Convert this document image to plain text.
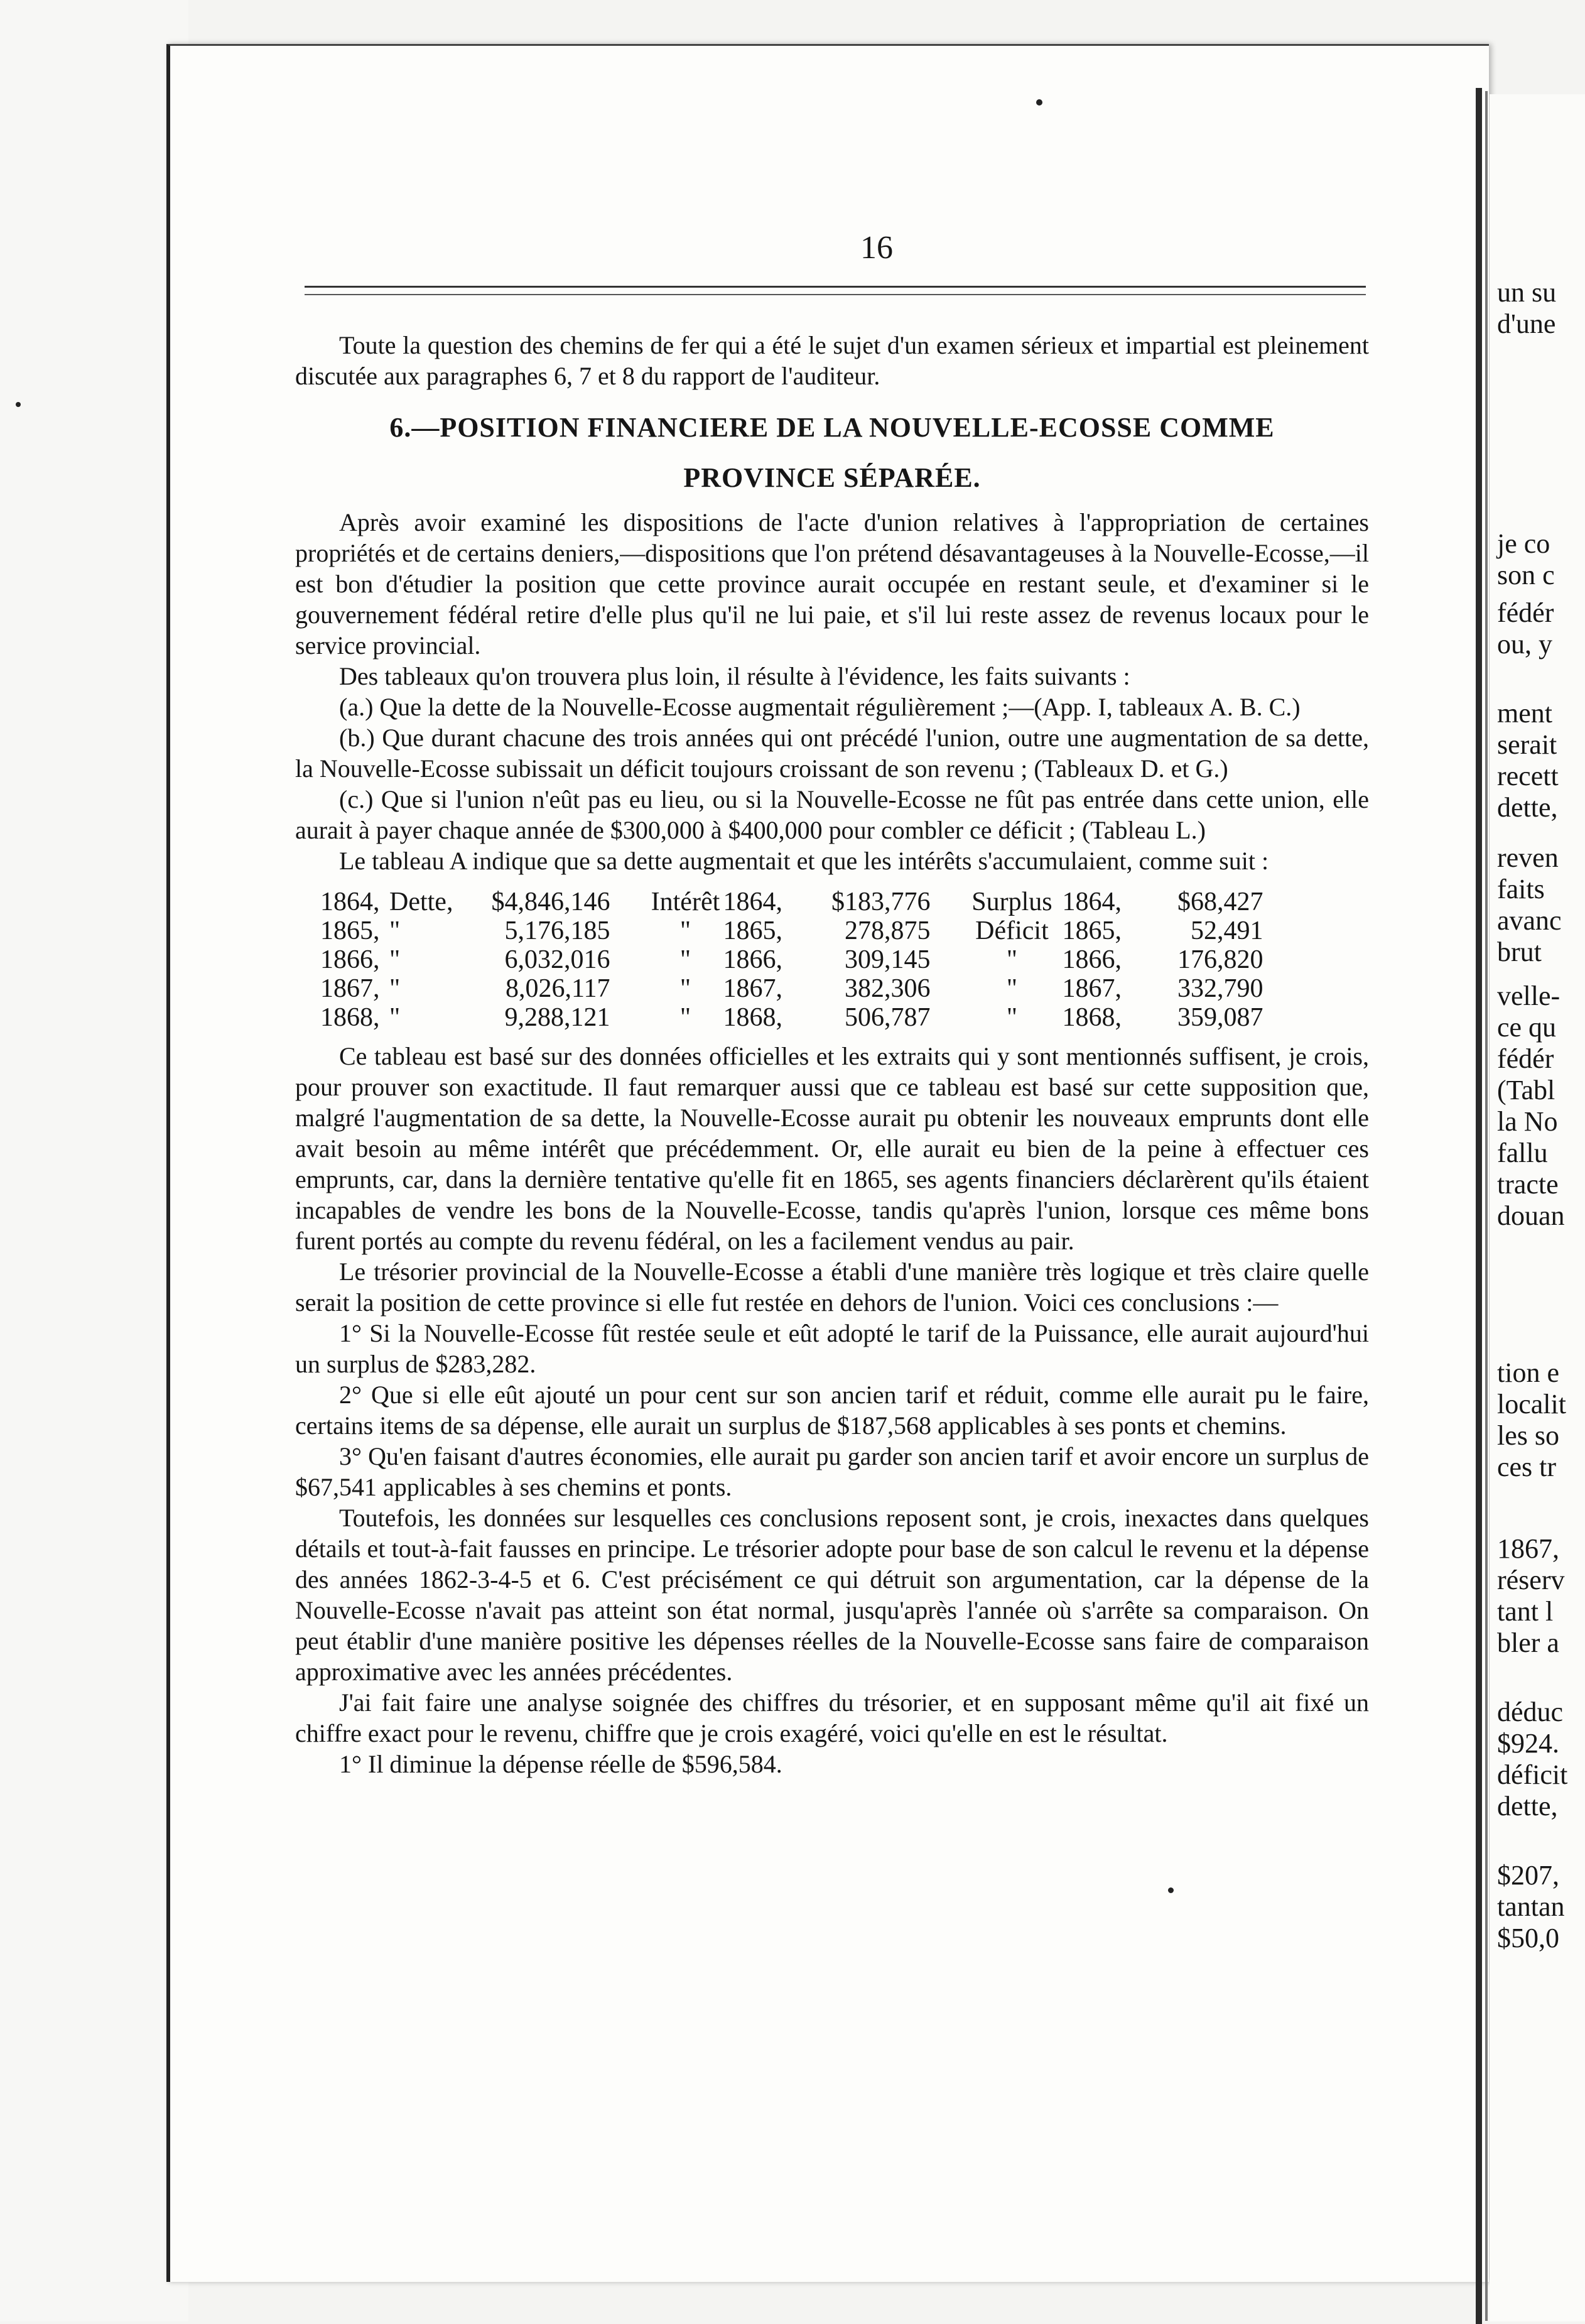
un su
d'une
je co
son c
fédér
ou, y
ment
serait
recett
dette,
reven
faits
avanc
brut
velle-
ce qu
fédér
(Tabl
la No
fallu
tracte
douan
tion e
localit
les so
ces tr
1867,
réserv
tant l
bler a
déduc
$924.
déficit
dette,
$207,
tantan
$50,0
16

Toute la question des chemins de fer qui a été le sujet d'un examen sérieux et impartial est pleinement discutée aux paragraphes 6, 7 et 8 du rapport de l'auditeur.

6.—POSITION FINANCIERE DE LA NOUVELLE-ECOSSE COMME
PROVINCE SÉPARÉE.

Après avoir examiné les dispositions de l'acte d'union relatives à l'appropriation de certaines propriétés et de certains deniers,—dispositions que l'on prétend désavantageuses à la Nouvelle-Ecosse,—il est bon d'étudier la position que cette province aurait occupée en restant seule, et d'examiner si le gouvernement fédéral retire d'elle plus qu'il ne lui paie, et s'il lui reste assez de revenus locaux pour le service provincial.

Des tableaux qu'on trouvera plus loin, il résulte à l'évidence, les faits suivants :

(a.) Que la dette de la Nouvelle-Ecosse augmentait régulièrement ;—(App. I, tableaux A. B. C.)

(b.) Que durant chacune des trois années qui ont précédé l'union, outre une augmentation de sa dette, la Nouvelle-Ecosse subissait un déficit toujours croissant de son revenu ; (Tableaux D. et G.)

(c.) Que si l'union n'eût pas eu lieu, ou si la Nouvelle-Ecosse ne fût pas entrée dans cette union, elle aurait à payer chaque année de $300,000 à $400,000 pour combler ce déficit ; (Tableau L.)

Le tableau A indique que sa dette augmentait et que les intérêts s'accumulaient, comme suit :

1864,	Dette,	$4,846,146	Intérêt	1864,	$183,776	Surplus	1864,	$68,427
1865,	"	5,176,185	"	1865,	278,875	Déficit	1865,	52,491
1866,	"	6,032,016	"	1866,	309,145	"	1866,	176,820
1867,	"	8,026,117	"	1867,	382,306	"	1867,	332,790
1868,	"	9,288,121	"	1868,	506,787	"	1868,	359,087

Ce tableau est basé sur des données officielles et les extraits qui y sont mentionnés suffisent, je crois, pour prouver son exactitude. Il faut remarquer aussi que ce tableau est basé sur cette supposition que, malgré l'augmentation de sa dette, la Nouvelle-Ecosse aurait pu obtenir les nouveaux emprunts dont elle avait besoin au même intérêt que précédemment. Or, elle aurait eu bien de la peine à effectuer ces emprunts, car, dans la dernière tentative qu'elle fit en 1865, ses agents financiers déclarèrent qu'ils étaient incapables de vendre les bons de la Nouvelle-Ecosse, tandis qu'après l'union, lorsque ces même bons furent portés au compte du revenu fédéral, on les a facilement vendus au pair.

Le trésorier provincial de la Nouvelle-Ecosse a établi d'une manière très logique et très claire quelle serait la position de cette province si elle fut restée en dehors de l'union. Voici ces conclusions :—

1° Si la Nouvelle-Ecosse fût restée seule et eût adopté le tarif de la Puissance, elle aurait aujourd'hui un surplus de $283,282.

2° Que si elle eût ajouté un pour cent sur son ancien tarif et réduit, comme elle aurait pu le faire, certains items de sa dépense, elle aurait un surplus de $187,568 applicables à ses ponts et chemins.

3° Qu'en faisant d'autres économies, elle aurait pu garder son ancien tarif et avoir encore un surplus de $67,541 applicables à ses chemins et ponts.

Toutefois, les données sur lesquelles ces conclusions reposent sont, je crois, inexactes dans quelques détails et tout-à-fait fausses en principe. Le trésorier adopte pour base de son calcul le revenu et la dépense des années 1862-3-4-5 et 6. C'est précisément ce qui détruit son argumentation, car la dépense de la Nouvelle-Ecosse n'avait pas atteint son état normal, jusqu'après l'année où s'arrête sa comparaison. On peut établir d'une manière positive les dépenses réelles de la Nouvelle-Ecosse sans faire de comparaison approximative avec les années précédentes.

J'ai fait faire une analyse soignée des chiffres du trésorier, et en supposant même qu'il ait fixé un chiffre exact pour le revenu, chiffre que je crois exagéré, voici qu'elle en est le résultat.

1° Il diminue la dépense réelle de $596,584.
